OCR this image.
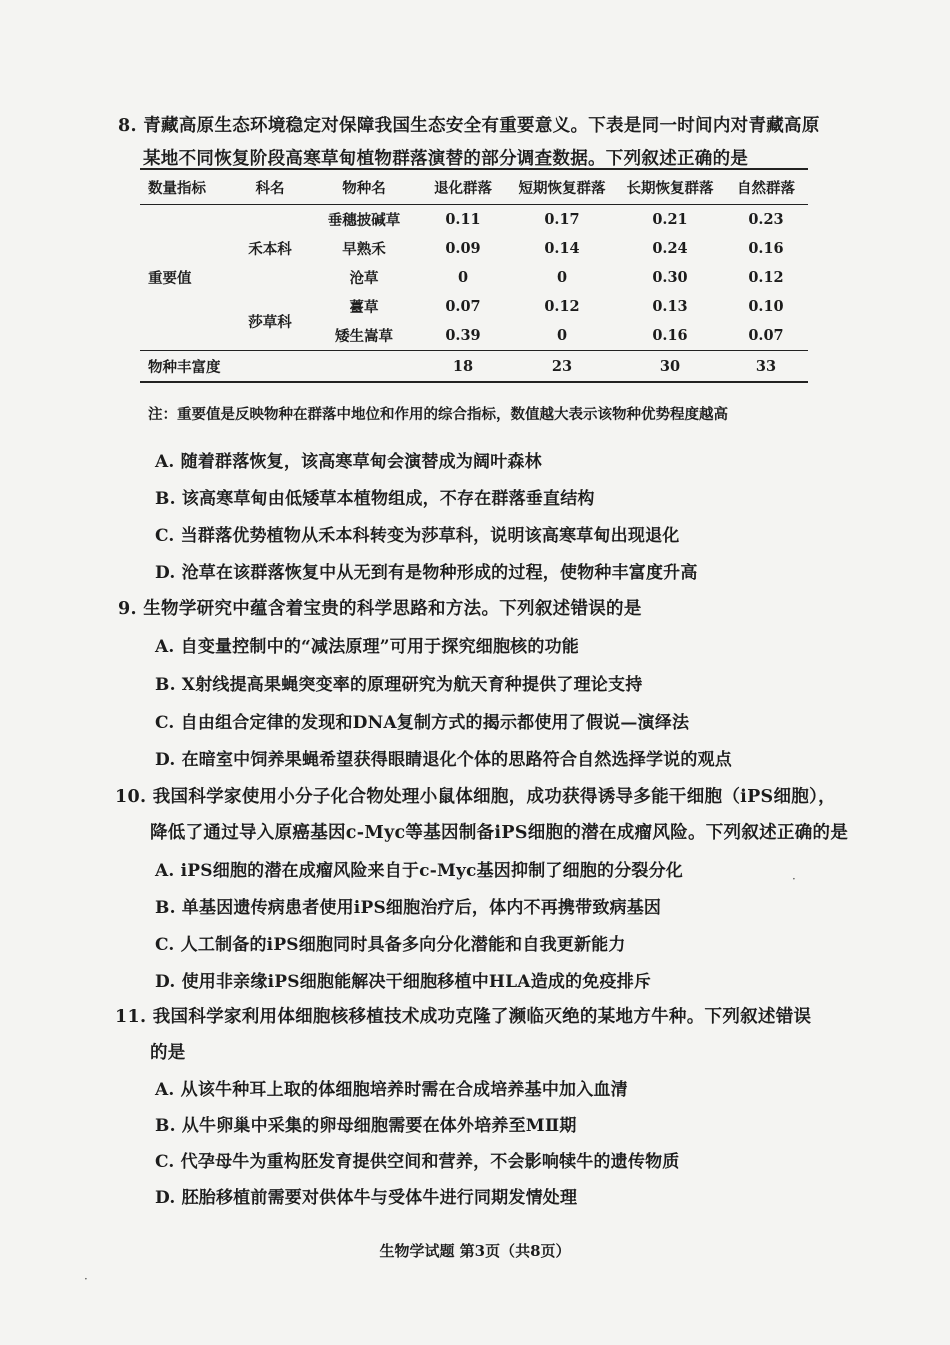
8. 青藏高原生态环境稳定对保障我国生态安全有重要意义。下表是同一时间内对青藏高原
某地不同恢复阶段高寒草甸植物群落演替的部分调查数据。下列叙述正确的是
数量指标	科名	物种名	退化群落	短期恢复群落	长期恢复群落	自然群落
重要值	禾本科	垂穗披碱草	0.11	0.17	0.21	0.23
		早熟禾	0.09	0.14	0.24	0.16
		沧草	0	0	0.30	0.12
	莎草科	薹草	0.07	0.12	0.13	0.10
		矮生嵩草	0.39	0	0.16	0.07
物种丰富度			18	23	30	33
注：重要值是反映物种在群落中地位和作用的综合指标，数值越大表示该物种优势程度越高
A. 随着群落恢复，该高寒草甸会演替成为阔叶森林
B. 该高寒草甸由低矮草本植物组成，不存在群落垂直结构
C. 当群落优势植物从禾本科转变为莎草科，说明该高寒草甸出现退化
D. 沧草在该群落恢复中从无到有是物种形成的过程，使物种丰富度升高
9. 生物学研究中蕴含着宝贵的科学思路和方法。下列叙述错误的是
A. 自变量控制中的“减法原理”可用于探究细胞核的功能
B. X射线提高果蝇突变率的原理研究为航天育种提供了理论支持
C. 自由组合定律的发现和DNA复制方式的揭示都使用了假说—演绎法
D. 在暗室中饲养果蝇希望获得眼睛退化个体的思路符合自然选择学说的观点
10. 我国科学家使用小分子化合物处理小鼠体细胞，成功获得诱导多能干细胞（iPS细胞），
降低了通过导入原癌基因c-Myc等基因制备iPS细胞的潜在成瘤风险。下列叙述正确的是
A. iPS细胞的潜在成瘤风险来自于c-Myc基因抑制了细胞的分裂分化
B. 单基因遗传病患者使用iPS细胞治疗后，体内不再携带致病基因
C. 人工制备的iPS细胞同时具备多向分化潜能和自我更新能力
D. 使用非亲缘iPS细胞能解决干细胞移植中HLA造成的免疫排斥
11. 我国科学家利用体细胞核移植技术成功克隆了濒临灭绝的某地方牛种。下列叙述错误
的是
A. 从该牛种耳上取的体细胞培养时需在合成培养基中加入血清
B. 从牛卵巢中采集的卵母细胞需要在体外培养至MⅡ期
C. 代孕母牛为重构胚发育提供空间和营养，不会影响犊牛的遗传物质
D. 胚胎移植前需要对供体牛与受体牛进行同期发情处理
生物学试题 第3页（共8页）
·
·
